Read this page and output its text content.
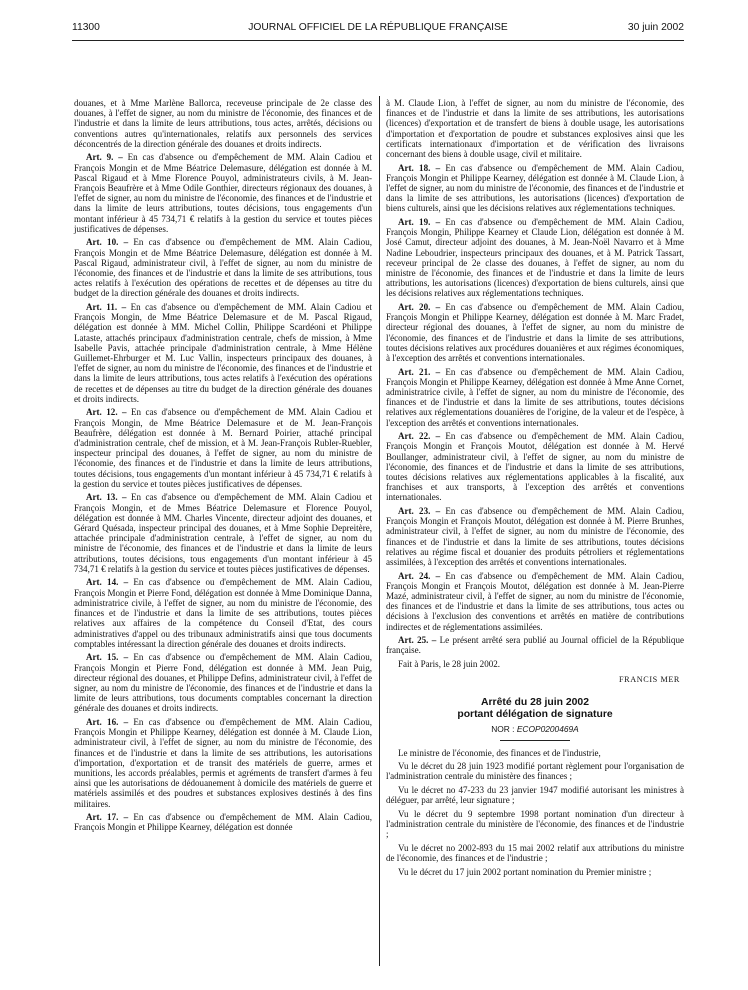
11300	JOURNAL OFFICIEL DE LA RÉPUBLIQUE FRANÇAISE	30 juin 2002

douanes, et à Mme Marlène Ballorca, receveuse principale de 2e classe des douanes, à l'effet de signer, au nom du ministre de l'économie, des finances et de l'industrie et dans la limite de leurs attributions, tous actes, arrêtés, décisions ou conventions autres qu'internationales, relatifs aux personnels des services déconcentrés de la direction générale des douanes et droits indirects.

Art. 9. – En cas d'absence ou d'empêchement de MM. Alain Cadiou et François Mongin et de Mme Béatrice Delemasure, délégation est donnée à M. Pascal Rigaud et à Mme Florence Pouyol, administrateurs civils, à M. Jean-François Beaufrère et à Mme Odile Gonthier, directeurs régionaux des douanes, à l'effet de signer, au nom du ministre de l'économie, des finances et de l'industrie et dans la limite de leurs attributions, toutes décisions, tous engagements d'un montant inférieur à 45 734,71 € relatifs à la gestion du service et toutes pièces justificatives de dépenses.

Art. 10. – En cas d'absence ou d'empêchement de MM. Alain Cadiou, François Mongin et de Mme Béatrice Delemasure, délégation est donnée à M. Pascal Rigaud, administrateur civil, à l'effet de signer, au nom du ministre de l'économie, des finances et de l'industrie et dans la limite de ses attributions, tous actes relatifs à l'exécution des opérations de recettes et de dépenses au titre du budget de la direction générale des douanes et droits indirects.

Art. 11. – En cas d'absence ou d'empêchement de MM. Alain Cadiou et François Mongin, de Mme Béatrice Delemasure et de M. Pascal Rigaud, délégation est donnée à MM. Michel Collin, Philippe Scardéoni et Philippe Lataste, attachés principaux d'administration centrale, chefs de mission, à Mme Isabelle Pavis, attachée principale d'administration centrale, à Mme Hélène Guillemet-Ehrburger et M. Luc Vallin, inspecteurs principaux des douanes, à l'effet de signer, au nom du ministre de l'économie, des finances et de l'industrie et dans la limite de leurs attributions, tous actes relatifs à l'exécution des opérations de recettes et de dépenses au titre du budget de la direction générale des douanes et droits indirects.

Art. 12. – En cas d'absence ou d'empêchement de MM. Alain Cadiou et François Mongin, de Mme Béatrice Delemasure et de M. Jean-François Beaufrère, délégation est donnée à M. Bernard Poirier, attaché principal d'administration centrale, chef de mission, et à M. Jean-François Rubler-Ruebler, inspecteur principal des douanes, à l'effet de signer, au nom du ministre de l'économie, des finances et de l'industrie et dans la limite de leurs attributions, toutes décisions, tous engagements d'un montant inférieur à 45 734,71 € relatifs à la gestion du service et toutes pièces justificatives de dépenses.

Art. 13. – En cas d'absence ou d'empêchement de MM. Alain Cadiou et François Mongin, et de Mmes Béatrice Delemasure et Florence Pouyol, délégation est donnée à MM. Charles Vincente, directeur adjoint des douanes, et Gérard Quésada, inspecteur principal des douanes, et à Mme Sophie Depreitère, attachée principale d'administration centrale, à l'effet de signer, au nom du ministre de l'économie, des finances et de l'industrie et dans la limite de leurs attributions, toutes décisions, tous engagements d'un montant inférieur à 45 734,71 € relatifs à la gestion du service et toutes pièces justificatives de dépenses.

Art. 14. – En cas d'absence ou d'empêchement de MM. Alain Cadiou, François Mongin et Pierre Fond, délégation est donnée à Mme Dominique Danna, administratrice civile, à l'effet de signer, au nom du ministre de l'économie, des finances et de l'industrie et dans la limite de ses attributions, toutes pièces relatives aux affaires de la compétence du Conseil d'Etat, des cours administratives d'appel ou des tribunaux administratifs ainsi que tous documents comptables intéressant la direction générale des douanes et droits indirects.

Art. 15. – En cas d'absence ou d'empêchement de MM. Alain Cadiou, François Mongin et Pierre Fond, délégation est donnée à MM. Jean Puig, directeur régional des douanes, et Philippe Defins, administrateur civil, à l'effet de signer, au nom du ministre de l'économie, des finances et de l'industrie et dans la limite de leurs attributions, tous documents comptables concernant la direction générale des douanes et droits indirects.

Art. 16. – En cas d'absence ou d'empêchement de MM. Alain Cadiou, François Mongin et Philippe Kearney, délégation est donnée à M. Claude Lion, administrateur civil, à l'effet de signer, au nom du ministre de l'économie, des finances et de l'industrie et dans la limite de ses attributions, les autorisations d'importation, d'exportation et de transit des matériels de guerre, armes et munitions, les accords préalables, permis et agréments de transfert d'armes à feu ainsi que les autorisations de dédouanement à domicile des matériels de guerre et matériels assimilés et des poudres et substances explosives destinés à des fins militaires.

Art. 17. – En cas d'absence ou d'empêchement de MM. Alain Cadiou, François Mongin et Philippe Kearney, délégation est donnée

à M. Claude Lion, à l'effet de signer, au nom du ministre de l'économie, des finances et de l'industrie et dans la limite de ses attributions, les autorisations (licences) d'exportation et de transfert de biens à double usage, les autorisations d'importation et d'exportation de poudre et substances explosives ainsi que les certificats internationaux d'importation et de vérification des livraisons concernant des biens à double usage, civil et militaire.

Art. 18. – En cas d'absence ou d'empêchement de MM. Alain Cadiou, François Mongin et Philippe Kearney, délégation est donnée à M. Claude Lion, à l'effet de signer, au nom du ministre de l'économie, des finances et de l'industrie et dans la limite de ses attributions, les autorisations (licences) d'exportation de biens culturels, ainsi que les décisions relatives aux réglementations techniques.

Art. 19. – En cas d'absence ou d'empêchement de MM. Alain Cadiou, François Mongin, Philippe Kearney et Claude Lion, délégation est donnée à M. José Camut, directeur adjoint des douanes, à M. Jean-Noël Navarro et à Mme Nadine Leboudrier, inspecteurs principaux des douanes, et à M. Patrick Tassart, receveur principal de 2e classe des douanes, à l'effet de signer, au nom du ministre de l'économie, des finances et de l'industrie et dans la limite de leurs attributions, les autorisations (licences) d'exportation de biens culturels, ainsi que les décisions relatives aux réglementations techniques.

Art. 20. – En cas d'absence ou d'empêchement de MM. Alain Cadiou, François Mongin et Philippe Kearney, délégation est donnée à M. Marc Fradet, directeur régional des douanes, à l'effet de signer, au nom du ministre de l'économie, des finances et de l'industrie et dans la limite de ses attributions, toutes décisions relatives aux procédures douanières et aux régimes économiques, à l'exception des arrêtés et conventions internationales.

Art. 21. – En cas d'absence ou d'empêchement de MM. Alain Cadiou, François Mongin et Philippe Kearney, délégation est donnée à Mme Anne Cornet, administratrice civile, à l'effet de signer, au nom du ministre de l'économie, des finances et de l'industrie et dans la limite de ses attributions, toutes décisions relatives aux réglementations douanières de l'origine, de la valeur et de l'espèce, à l'exception des arrêtés et conventions internationales.

Art. 22. – En cas d'absence ou d'empêchement de MM. Alain Cadiou, François Mongin et François Moutot, délégation est donnée à M. Hervé Boullanger, administrateur civil, à l'effet de signer, au nom du ministre de l'économie, des finances et de l'industrie et dans la limite de ses attributions, toutes décisions relatives aux réglementations applicables à la fiscalité, aux franchises et aux transports, à l'exception des arrêtés et conventions internationales.

Art. 23. – En cas d'absence ou d'empêchement de MM. Alain Cadiou, François Mongin et François Moutot, délégation est donnée à M. Pierre Brunhes, administrateur civil, à l'effet de signer, au nom du ministre de l'économie, des finances et de l'industrie et dans la limite de ses attributions, toutes décisions relatives au régime fiscal et douanier des produits pétroliers et réglementations assimilées, à l'exception des arrêtés et conventions internationales.

Art. 24. – En cas d'absence ou d'empêchement de MM. Alain Cadiou, François Mongin et François Moutot, délégation est donnée à M. Jean-Pierre Mazé, administrateur civil, à l'effet de signer, au nom du ministre de l'économie, des finances et de l'industrie et dans la limite de ses attributions, tous actes ou décisions à l'exclusion des conventions et arrêtés en matière de contributions indirectes et de réglementations assimilées.

Art. 25. – Le présent arrêté sera publié au Journal officiel de la République française.

Fait à Paris, le 28 juin 2002.

FRANCIS MER
Arrêté du 28 juin 2002
portant délégation de signature
NOR : ECOP0200469A

Le ministre de l'économie, des finances et de l'industrie,

Vu le décret du 28 juin 1923 modifié portant règlement pour l'organisation de l'administration centrale du ministère des finances ;

Vu le décret no 47-233 du 23 janvier 1947 modifié autorisant les ministres à déléguer, par arrêté, leur signature ;

Vu le décret du 9 septembre 1998 portant nomination d'un directeur à l'administration centrale du ministère de l'économie, des finances et de l'industrie ;

Vu le décret no 2002-893 du 15 mai 2002 relatif aux attributions du ministre de l'économie, des finances et de l'industrie ;

Vu le décret du 17 juin 2002 portant nomination du Premier ministre ;
